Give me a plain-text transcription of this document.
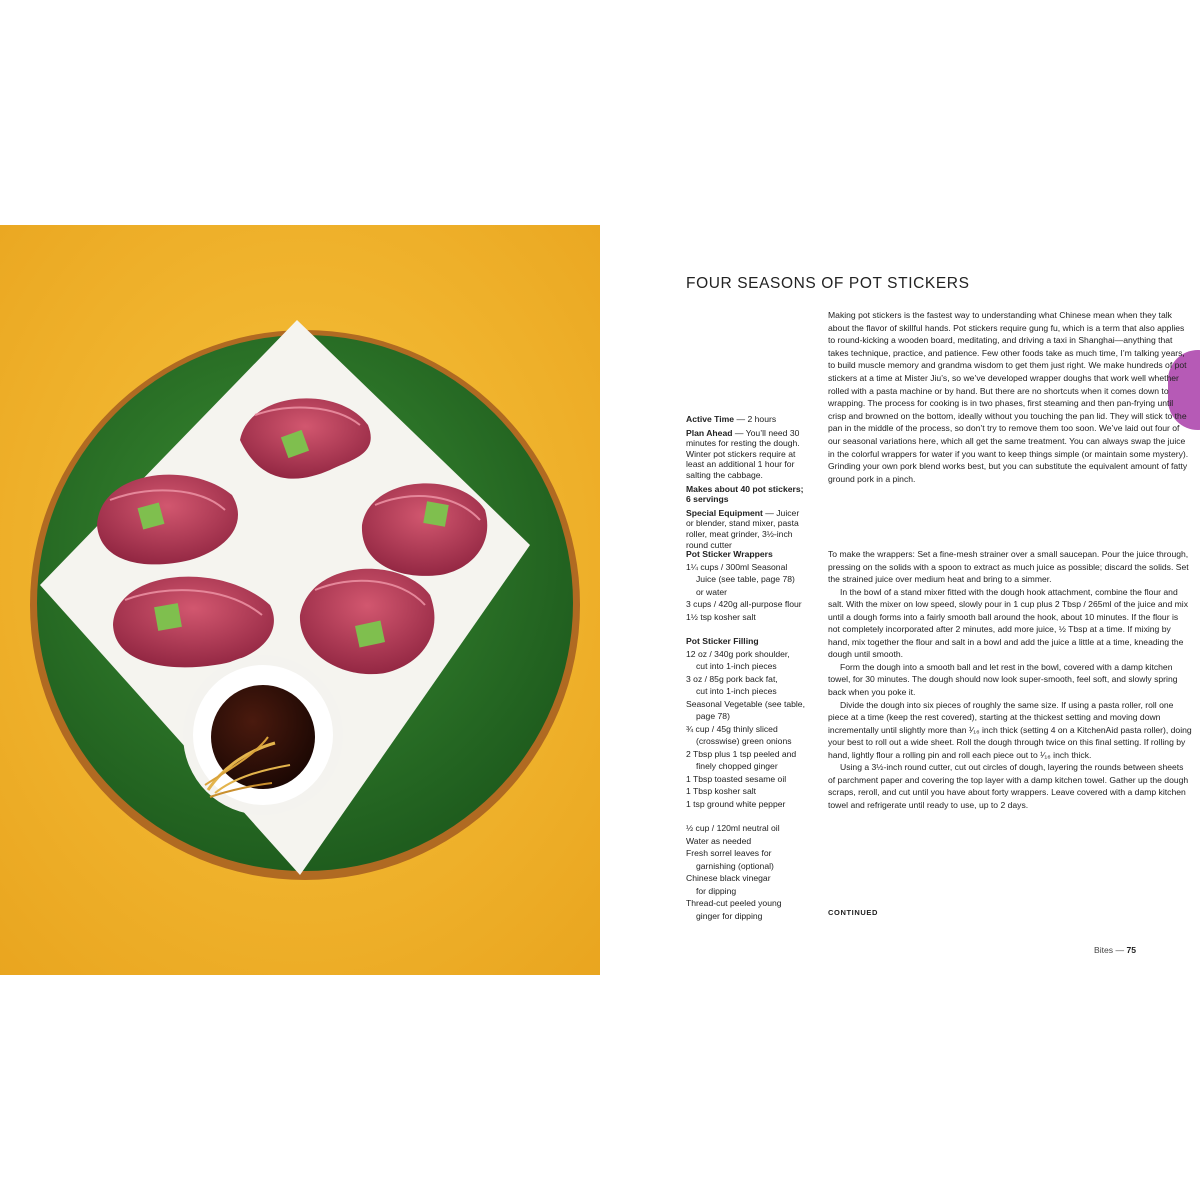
FOUR SEASONS OF POT STICKERS

Active Time — 2 hours

Plan Ahead — You’ll need 30 minutes for resting the dough. Winter pot stickers require at least an additional 1 hour for salting the cabbage.

Makes about 40 pot stickers; 6 servings

Special Equipment — Juicer or blender, stand mixer, pasta roller, meat grinder, 3½-inch round cutter

Making pot stickers is the fastest way to understanding what Chinese mean when they talk about the flavor of skillful hands. Pot stickers require gung fu, which is a term that also applies to round-kicking a wooden board, meditating, and driving a taxi in Shanghai—anything that takes technique, practice, and patience. Few other foods take as much time, I’m talking years, to build muscle memory and grandma wisdom to get them just right. We make hundreds of pot stickers at a time at Mister Jiu’s, so we’ve developed wrapper doughs that work well whether rolled with a pasta machine or by hand. But there are no shortcuts when it comes down to wrapping. The process for cooking is in two phases, first steaming and then pan-frying until crisp and browned on the bottom, ideally without you touching the pan lid. They will stick to the pan in the middle of the process, so don’t try to remove them too soon. We’ve laid out four of our seasonal variations here, which all get the same treatment. You can always swap the juice in the colorful wrappers for water if you want to keep things simple (or maintain some mystery). Grinding your own pork blend works best, but you can substitute the equivalent amount of fatty ground pork in a pinch.

Pot Sticker Wrappers

1¼ cups / 300ml Seasonal
Juice (see table, page 78)
or water
3 cups / 420g all-purpose flour
1½ tsp kosher salt

Pot Sticker Filling

12 oz / 340g pork shoulder,
cut into 1-inch pieces
3 oz / 85g pork back fat,
cut into 1-inch pieces
Seasonal Vegetable (see table,
page 78)
¾ cup / 45g thinly sliced
(crosswise) green onions
2 Tbsp plus 1 tsp peeled and
finely chopped ginger
1 Tbsp toasted sesame oil
1 Tbsp kosher salt
1 tsp ground white pepper
½ cup / 120ml neutral oil
Water as needed
Fresh sorrel leaves for
garnishing (optional)
Chinese black vinegar
for dipping
Thread-cut peeled young
ginger for dipping

To make the wrappers: Set a fine-mesh strainer over a small saucepan. Pour the juice through, pressing on the solids with a spoon to extract as much juice as possible; discard the solids. Set the strained juice over medium heat and bring to a simmer.

In the bowl of a stand mixer fitted with the dough hook attachment, combine the flour and salt. With the mixer on low speed, slowly pour in 1 cup plus 2 Tbsp / 265ml of the juice and mix until a dough forms into a fairly smooth ball around the hook, about 10 minutes. If the flour is not completely incorporated after 2 minutes, add more juice, ½ Tbsp at a time. If mixing by hand, mix together the flour and salt in a bowl and add the juice a little at a time, kneading the dough until smooth.

Form the dough into a smooth ball and let rest in the bowl, covered with a damp kitchen towel, for 30 minutes. The dough should now look super-smooth, feel soft, and slowly spring back when you poke it.

Divide the dough into six pieces of roughly the same size. If using a pasta roller, roll one piece at a time (keep the rest covered), starting at the thickest setting and moving down incrementally until slightly more than ¹⁄₁₆ inch thick (setting 4 on a KitchenAid pasta roller), doing your best to roll out a wide sheet. Roll the dough through twice on this final setting. If rolling by hand, lightly flour a rolling pin and roll each piece out to ¹⁄₁₆ inch thick.

Using a 3½-inch round cutter, cut out circles of dough, layering the rounds between sheets of parchment paper and covering the top layer with a damp kitchen towel. Gather up the dough scraps, reroll, and cut until you have about forty wrappers. Leave covered with a damp kitchen towel and refrigerate until ready to use, up to 2 days.

CONTINUED
Bites — 75
